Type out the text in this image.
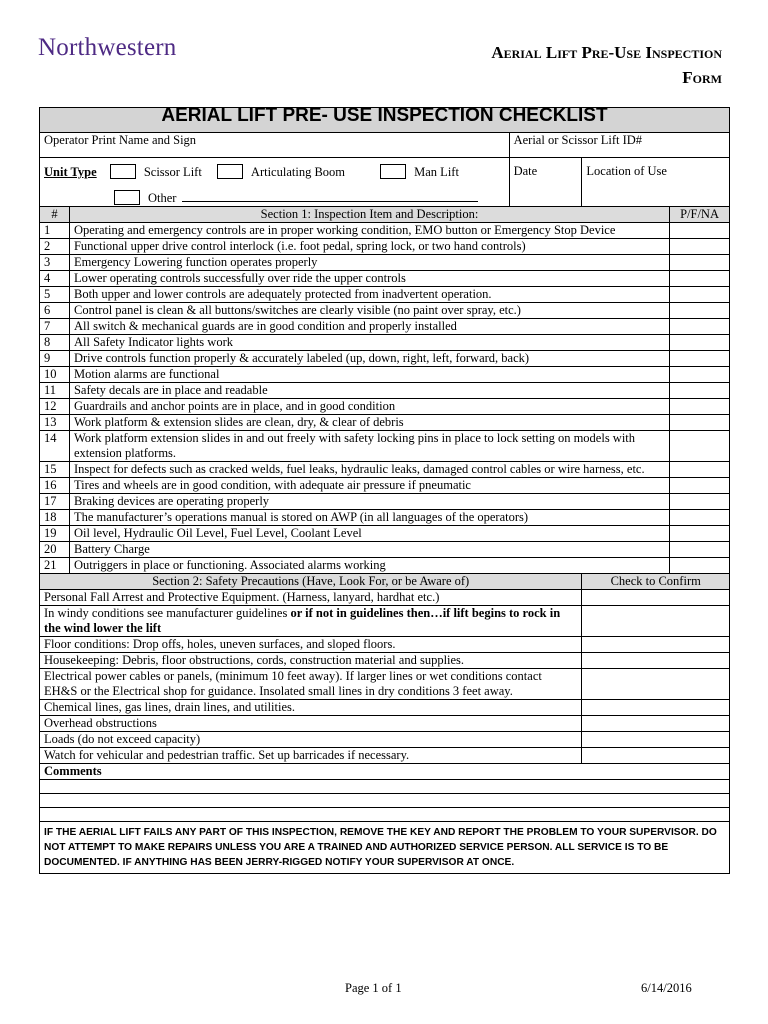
Northwestern	Aerial Lift Pre-Use Inspection
Form
AERIAL LIFT PRE- USE INSPECTION CHECKLIST				
Operator Print Name and Sign		Aerial or Scissor Lift ID#		

Unit Type Scissor Lift Articulating Boom Man Lift
Other		Date	Location of Use	
#	Section 1: Inspection Item and Description:			P/F/NA
1	Operating and emergency controls are in proper working condition, EMO button or Emergency Stop Device			
2	Functional upper drive control interlock (i.e. foot pedal, spring lock, or two hand controls)			
3	Emergency Lowering function operates properly			
4	Lower operating controls successfully over ride the upper controls			
5	Both upper and lower controls are adequately protected from inadvertent operation.			
6	Control panel is clean & all buttons/switches are clearly visible (no paint over spray, etc.)			
7	All switch & mechanical guards are in good condition and properly installed			
8	All Safety Indicator lights work			
9	Drive controls function properly & accurately labeled (up, down, right, left, forward, back)			
10	Motion alarms are functional			
11	Safety decals are in place and readable			
12	Guardrails and anchor points are in place, and in good condition			
13	Work platform & extension slides are clean, dry, & clear of debris			
14	Work platform extension slides in and out freely with safety locking pins in place to lock setting on models with extension platforms.			
15	Inspect for defects such as cracked welds, fuel leaks, hydraulic leaks, damaged control cables or wire harness, etc.			
16	Tires and wheels are in good condition, with adequate air pressure if pneumatic			
17	Braking devices are operating properly			
18	The manufacturer’s operations manual is stored on AWP (in all languages of the operators)			
19	Oil level, Hydraulic Oil Level, Fuel Level, Coolant Level			
20	Battery Charge			
21	Outriggers in place or functioning. Associated alarms working			
Section 2: Safety Precautions (Have, Look For, or be Aware of)			Check to Confirm	
Personal Fall Arrest and Protective Equipment. (Harness, lanyard, hardhat etc.)				
In windy conditions see manufacturer guidelines or if not in guidelines then…if lift begins to rock in the wind lower the lift				
Floor conditions: Drop offs, holes, uneven surfaces, and sloped floors.				
Housekeeping: Debris, floor obstructions, cords, construction material and supplies.				
Electrical power cables or panels, (minimum 10 feet away). If larger lines or wet conditions contact EH&S or the Electrical shop for guidance. Insolated small lines in dry conditions 3 feet away.				
Chemical lines, gas lines, drain lines, and utilities.				
Overhead obstructions				
Loads (do not exceed capacity)				
Watch for vehicular and pedestrian traffic. Set up barricades if necessary.				
Comments				

IF THE AERIAL LIFT FAILS ANY PART OF THIS INSPECTION, REMOVE THE KEY AND REPORT THE PROBLEM TO YOUR SUPERVISOR. DO NOT ATTEMPT TO MAKE REPAIRS UNLESS YOU ARE A TRAINED AND AUTHORIZED SERVICE PERSON. ALL SERVICE IS TO BE DOCUMENTED. IF ANYTHING HAS BEEN JERRY-RIGGED NOTIFY YOUR SUPERVISOR AT ONCE.				
Page 1 of 1	6/14/2016
